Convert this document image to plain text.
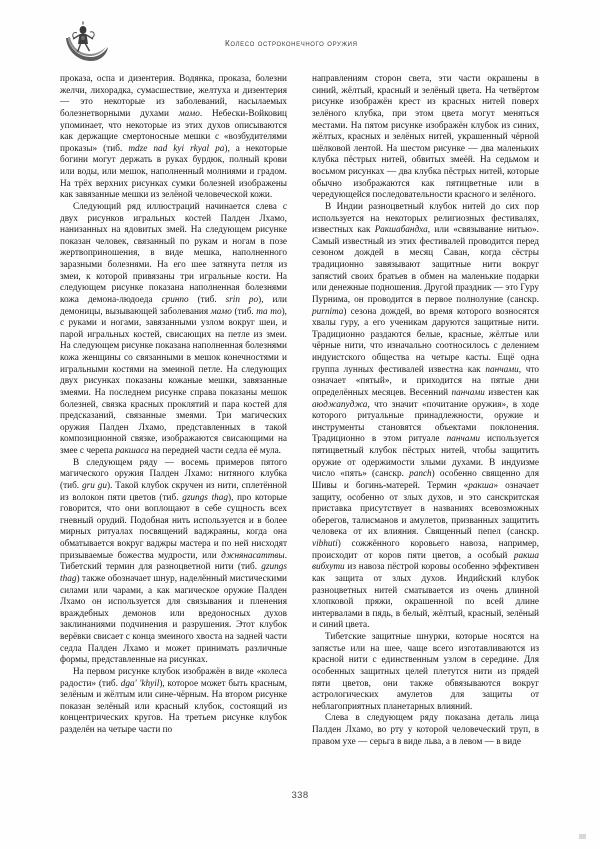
Колесо остроконечного оружия

проказа, оспа и дизентерия. Водянка, проказа, болезни желчи, лихорадка, сумасшествие, желтуха и дизентерия — это некоторые из заболеваний, насылаемых болезнетворными духами мамо. Небески-Войковиц упоминает, что некоторые из этих духов описываются как держащие смертоносные мешки с «возбудителями проказы» (тиб. mdze nad kyi rkyal pa), а некоторые богини могут держать в руках бурдюк, полный крови или воды, или мешок, наполненный молниями и градом. На трёх верхних рисунках сумки болезней изображены как завязанные мешки из зелёной человеческой кожи.

Следующий ряд иллюстраций начинается слева с двух рисунков игральных костей Палден Лхамо, нанизанных на ядовитых змей. На следующем рисунке показан человек, связанный по рукам и ногам в позе жертвоприношения, в виде мешка, наполненного заразными болезнями. На его шее затянута петля из змеи, к которой привязаны три игральные кости. На следующем рисунке показана наполненная болезнями кожа демона-людоеда сринпо (тиб. srin po), или демоницы, вызывающей заболевания мамо (тиб. ma mo), с руками и ногами, завязанными узлом вокруг шеи, и парой игральных костей, свисающих на петле из змеи. На следующем рисунке показана наполненная болезнями кожа женщины со связанными в мешок конечностями и игральными костями на змеиной петле. На следующих двух рисунках показаны кожаные мешки, завязанные змеями. На последнем рисунке справа показаны мешок болезней, связка красных проклятий и пара костей для предсказаний, связанные змеями. Три магических оружия Палден Лхамо, представленных в такой композиционной связке, изображаются свисающими на змее с черепа ракшаса на передней части седла её мула.

В следующем ряду — восемь примеров пятого магического оружия Палден Лхамо: нитяного клубка (тиб. gru gu). Такой клубок скручен из нити, сплетённой из волокон пяти цветов (тиб. gzungs thag), про которые говорится, что они воплощают в себе сущность всех гневный орудий. Подобная нить используется и в более мирных ритуалах посвящений ваджраяны, когда она обматывается вокруг ваджры мастера и по ней нисходят призываемые божества мудрости, или джнянасаттвы. Тибетский термин для разноцветной нити (тиб. gzungs thag) также обозначает шнур, наделённый мистическими силами или чарами, а как магическое оружие Палден Лхамо он используется для связывания и пленения враждебных демонов или вредоносных духов заклинаниями подчинения и разрушения. Этот клубок верёвки свисает с конца змеиного хвоста на задней части седла Палден Лхамо и может принимать различные формы, представленные на рисунках.

На первом рисунке клубок изображён в виде «колеса радости» (тиб. dga' 'khyil), которое может быть красным, зелёным и жёлтым или сине-чёрным. На втором рисунке показан зелёный или красный клубок, состоящий из концентрических кругов. На третьем рисунке клубок разделён на четыре части по

направлениям сторон света, эти части окрашены в синий, жёлтый, красный и зелёный цвета. На четвёртом рисунке изображён крест из красных нитей поверх зелёного клубка, при этом цвета могут меняться местами. На пятом рисунке изображён клубок из синих, жёлтых, красных и зелёных нитей, украшенный чёрной шёлковой лентой. На шестом рисунке — два маленьких клубка пёстрых нитей, обвитых змеёй. На седьмом и восьмом рисунках — два клубка пёстрых нитей, которые обычно изображаются как пятицветные или в чередующейся последовательности красного и зелёного.

В Индии разноцветный клубок нитей до сих пор используется на некоторых религиозных фестивалях, известных как Ракшабандха, или «связывание нитью». Самый известный из этих фестивалей проводится перед сезоном дождей в месяц Саван, когда сёстры традиционно завязывают защитные нити вокруг запястий своих братьев в обмен на маленькие подарки или денежные подношения. Другой праздник — это Гуру Пурнима, он проводится в первое полнолуние (санскр. purnima) сезона дождей, во время которого возносятся хвалы гуру, а его ученикам даруются защитные нити. Традиционно раздаются белые, красные, жёлтые или чёрные нити, что изначально соотносилось с делением индуистского общества на четыре касты. Ещё одна группа лунных фестивалей известна как панчами, что означает «пятый», и приходится на пятые дни определённых месяцев. Весенний панчами известен как аюджапуджа, что значит «почитание оружия», в ходе которого ритуальные принадлежности, оружие и инструменты становятся объектами поклонения. Традиционно в этом ритуале панчами используется пятицветный клубок пёстрых нитей, чтобы защитить оружие от одержимости злыми духами. В индуизме число «пять» (санскр. panch) особенно священно для Шивы и богинь-матерей. Термин «ракша» означает защиту, особенно от злых духов, и это санскритская приставка присутствует в названиях всевозможных оберегов, талисманов и амулетов, призванных защитить человека от их влияния. Священный пепел (санскр. vibhuti) сожжённого коровьего навоза, например, происходит от коров пяти цветов, а особый ракша вибхути из навоза пёстрой коровы особенно эффективен как защита от злых духов. Индийский клубок разноцветных нитей сматывается из очень длинной хлопковой пряжи, окрашенной по всей длине интервалами в пядь, в белый, жёлтый, красный, зелёный и синий цвета.

Тибетские защитные шнурки, которые носятся на запястье или на шее, чаще всего изготавливаются из красной нити с единственным узлом в середине. Для особенных защитных целей плетутся нити из прядей пяти цветов, они также обвязываются вокруг астрологических амулетов для защиты от неблагоприятных планетарных влияний.

Слева в следующем ряду показана деталь лица Палден Лхамо, во рту у которой человеческий труп, в правом ухе — серьга в виде льва, а в левом — в виде

338
